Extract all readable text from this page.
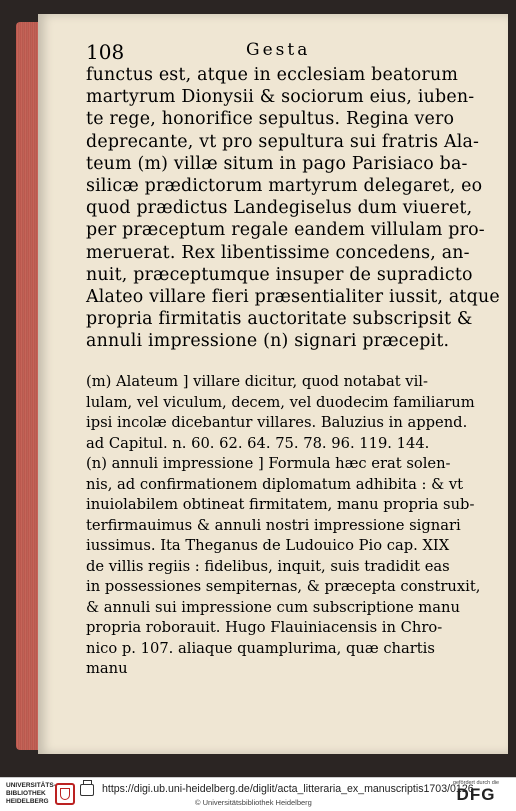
108	Gesta
functus est, atque in ecclesiam beatorum
martyrum Dionysii & sociorum eius, iuben-
te rege, honorifice sepultus. Regina vero
deprecante, vt pro sepultura sui fratris Ala-
teum (m) villæ situm in pago Parisiaco ba-
silicæ prædictorum martyrum delegaret, eo
quod prædictus Landegiselus dum viueret,
per præceptum regale eandem villulam pro-
meruerat. Rex libentissime concedens, an-
nuit, præceptumque insuper de supradicto
Alateo villare fieri præsentialiter iussit, atque
propria firmitatis auctoritate subscripsit &
annuli impressione (n) signari præcepit.
(m) Alateum ] villare dicitur, quod notabat vil-
lulam, vel viculum, decem, vel duodecim familiarum
ipsi incolæ dicebantur villares. Baluzius in append.
ad Capitul. n. 60. 62. 64. 75. 78. 96. 119. 144.
(n) annuli impressione ] Formula hæc erat solen-
nis, ad confirmationem diplomatum adhibita : & vt
inuiolabilem obtineat firmitatem, manu propria sub-
terfirmauimus & annuli nostri impressione signari
iussimus. Ita Theganus de Ludouico Pio cap. XIX
de villis regiis : fidelibus, inquit, suis tradidit eas
in possessiones sempiternas, & præcepta construxit,
& annuli sui impressione cum subscriptione manu
propria roborauit. Hugo Flauiniacensis in Chro-
nico p. 107. aliaque quamplurima, quæ chartis
manu
UNIVERSITÄTS-BIBLIOTHEK HEIDELBERG
https://digi.ub.uni-heidelberg.de/diglit/acta_litteraria_ex_manuscriptis1703/0126
© Universitätsbibliothek Heidelberg
gefördert durch die
DFG
